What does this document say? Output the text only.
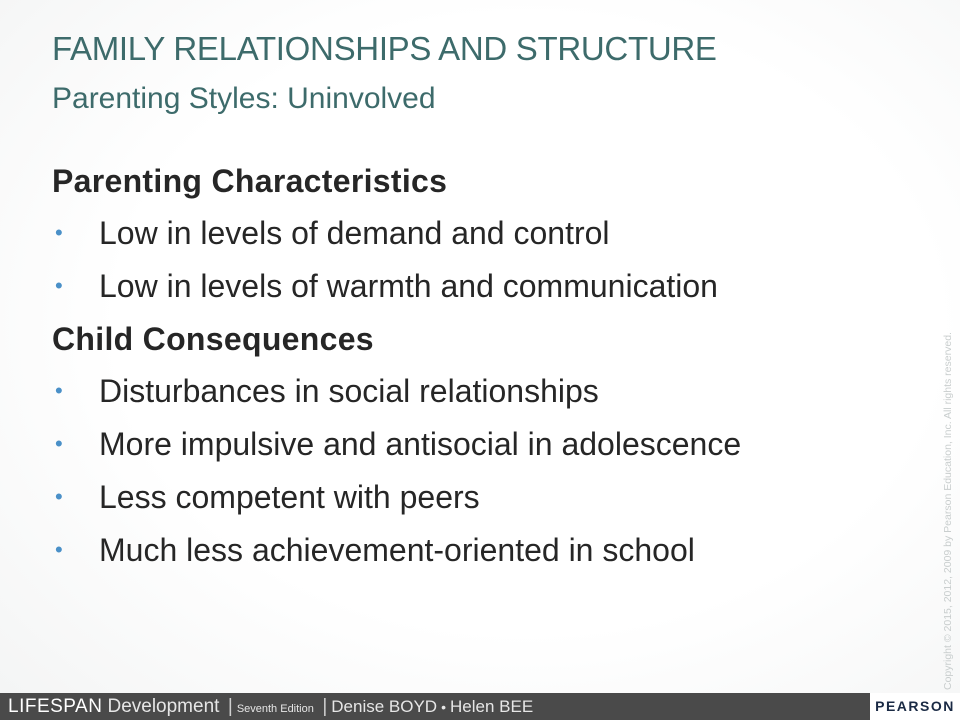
FAMILY RELATIONSHIPS AND STRUCTURE
Parenting Styles: Uninvolved
Parenting Characteristics
• Low in levels of demand and control
• Low in levels of warmth and communication
Child Consequences
• Disturbances in social relationships
• More impulsive and antisocial in adolescence
• Less competent with peers
• Much less achievement-oriented in school	Copyright © 2015, 2012, 2009 by Pearson Education, Inc. All rights reserved.
LIFESPAN Development | Seventh Edition | Denise BOYD • Helen BEE	PEARSON
